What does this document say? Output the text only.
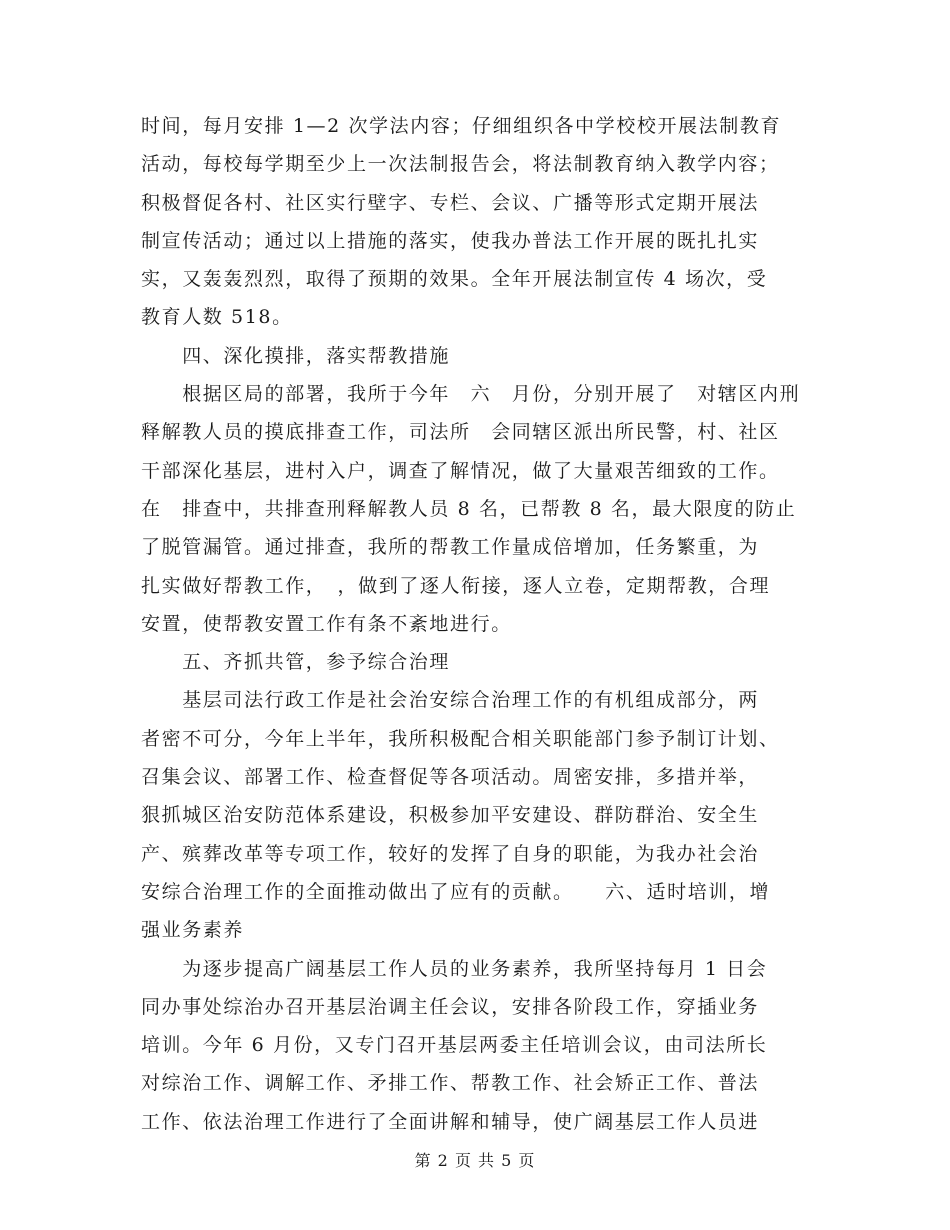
时间，每月安排 1—2 次学法内容；仔细组织各中学校校开展法制教育
活动，每校每学期至少上一次法制报告会，将法制教育纳入教学内容；
积极督促各村、社区实行壁字、专栏、会议、广播等形式定期开展法
制宣传活动；通过以上措施的落实，使我办普法工作开展的既扎扎实
实，又轰轰烈烈，取得了预期的效果。全年开展法制宣传 4 场次，受
教育人数 518。
　　四、深化摸排，落实帮教措施
　　根据区局的部署，我所于今年　六　月份，分别开展了　对辖区内刑
释解教人员的摸底排查工作，司法所　会同辖区派出所民警，村、社区
干部深化基层，进村入户，调查了解情况，做了大量艰苦细致的工作。
在　排查中，共排查刑释解教人员 8 名，已帮教 8 名，最大限度的防止
了脱管漏管。通过排查，我所的帮教工作量成倍增加，任务繁重，为
扎实做好帮教工作，　，做到了逐人衔接，逐人立卷，定期帮教，合理
安置，使帮教安置工作有条不紊地进行。
　　五、齐抓共管，参予综合治理
　　基层司法行政工作是社会治安综合治理工作的有机组成部分，两
者密不可分，今年上半年，我所积极配合相关职能部门参予制订计划、
召集会议、部署工作、检查督促等各项活动。周密安排，多措并举，
狠抓城区治安防范体系建设，积极参加平安建设、群防群治、安全生
产、殡葬改革等专项工作，较好的发挥了自身的职能，为我办社会治
安综合治理工作的全面推动做出了应有的贡献。　　六、适时培训，增
强业务素养
　　为逐步提高广阔基层工作人员的业务素养，我所坚持每月 1 日会
同办事处综治办召开基层治调主任会议，安排各阶段工作，穿插业务
培训。今年 6 月份，又专门召开基层两委主任培训会议，由司法所长
对综治工作、调解工作、矛排工作、帮教工作、社会矫正工作、普法
工作、依法治理工作进行了全面讲解和辅导，使广阔基层工作人员进
第 2 页 共 5 页
